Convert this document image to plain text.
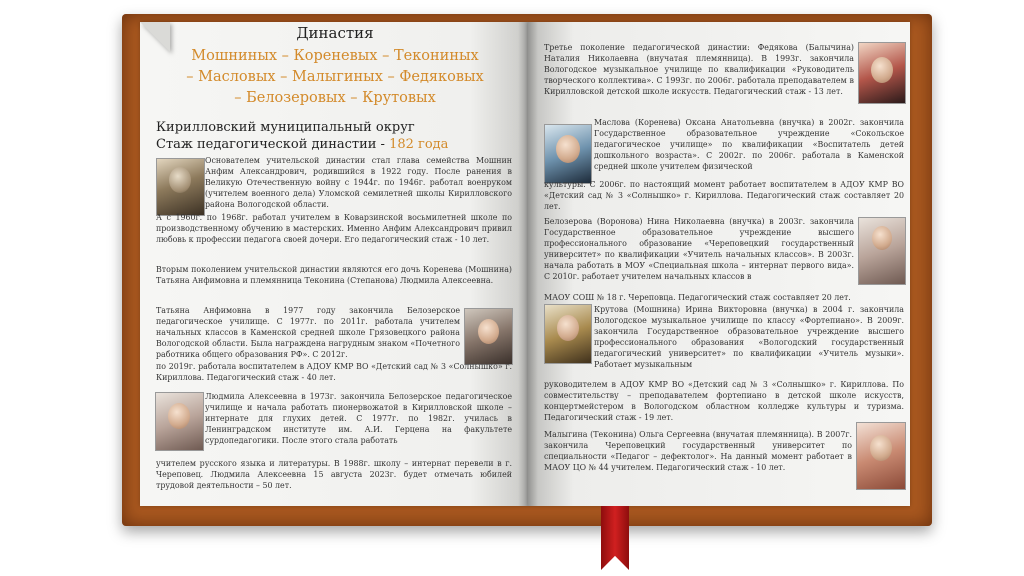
Династия
Мошниных – Кореневых – Текониных
– Масловых – Малыгиных – Федяковых
– Белозеровых – Крутовых
Кирилловский муниципальный округ
Стаж педагогической династии - 182 года
Основателем учительской династии стал глава семейства Мошнин Анфим Александрович, родившийся в 1922 году. После ранения в Великую Отечественную войну с 1944г. по 1946г. работал военруком (учителем военного дела) Уломской семилетней школы Кирилловского района Вологодской области.
А с 1960г. по 1968г. работал учителем в Коварзинской восьмилетней школе по производственному обучению в мастерских. Именно Анфим Александрович привил любовь к профессии педагога своей дочери. Его педагогический стаж - 10 лет.
Вторым поколением учительской династии являются его дочь Коренева (Мошнина) Татьяна Анфимовна и племянница Теконина (Степанова) Людмила Алексеевна.
Татьяна Анфимовна в 1977 году закончила Белозерское педагогическое училище. С 1977г. по 2011г. работала учителем начальных классов в Каменской средней школе Грязовецкого района Вологодской области. Была награждена нагрудным знаком «Почетного работника общего образования РФ». С 2012г.
по 2019г. работала воспитателем в АДОУ КМР ВО «Детский сад № 3 «Солнышко» г. Кириллова. Педагогический стаж - 40 лет.
Людмила Алексеевна в 1973г. закончила Белозерское педагогическое училище и начала работать пионервожатой в Кирилловской школе – интернате для глухих детей. С 1977г. по 1982г. училась в Ленинградском институте им. А.И. Герцена на факультете сурдопедагогики. После этого стала работать
учителем русского языка и литературы. В 1988г. школу – интернат перевели в г. Череповец. Людмила Алексеевна 15 августа 2023г. будет отмечать юбилей трудовой деятельности – 50 лет.
Третье поколение педагогической династии: Федякова (Балычина) Наталия Николаевна (внучатая племянница). В 1993г. закончила Вологодское музыкальное училище по квалификации «Руководитель творческого коллектива». С 1993г. по 2006г. работала преподавателем в Кирилловской детской школе искусств. Педагогический стаж - 13 лет.
Маслова (Коренева) Оксана Анатольевна (внучка) в 2002г. закончила Государственное образовательное учреждение «Сокольское педагогическое училище» по квалификации «Воспитатель детей дошкольного возраста». С 2002г. по 2006г. работала в Каменской средней школе учителем физической
культуры. С 2006г. по настоящий момент работает воспитателем в АДОУ КМР ВО «Детский сад № 3 «Солнышко» г. Кириллова. Педагогический стаж составляет 20 лет.
Белозерова (Воронова) Нина Николаевна (внучка) в 2003г. закончила Государственное образовательное учреждение высшего профессионального образование «Череповецкий государственный университет» по квалификации «Учитель начальных классов». В 2003г. начала работать в МОУ «Специальная школа – интернат первого вида». С 2010г. работает учителем начальных классов в
МАОУ СОШ № 18 г. Череповца. Педагогический стаж составляет 20 лет.
Крутова (Мошнина) Ирина Викторовна (внучка) в 2004 г. закончила Вологодское музыкальное училище по классу «Фортепиано». В 2009г. закончила Государственное образовательное учреждение высшего профессионального образования «Вологодский государственный педагогический университет» по квалификации «Учитель музыки». Работает музыкальным
руководителем в АДОУ КМР ВО «Детский сад № 3 «Солнышко» г. Кириллова. По совместительству – преподавателем фортепиано в детской школе искусств, концертмейстером в Вологодском областном колледже культуры и туризма. Педагогический стаж - 19 лет.
Малыгина (Теконина) Ольга Сергеевна (внучатая племянница). В 2007г. закончила Череповецкий государственный университет по специальности «Педагог – дефектолог». На данный момент работает в МАОУ ЦО № 44 учителем. Педагогический стаж - 10 лет.
